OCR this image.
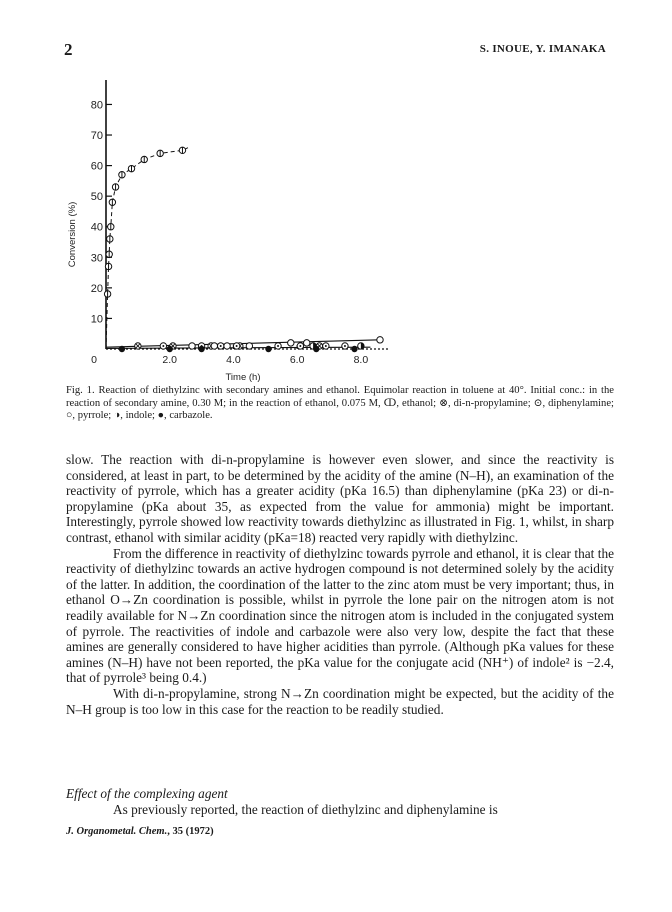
2	S. INOUE, Y. IMANAKA
10
20
30
40
50
60
70
80
0	2.0	4.0	6.0	8.0
Time (h)
Conversion (%)
Fig. 1. Reaction of diethylzinc with secondary amines and ethanol. Equimolar reaction in toluene at 40°. Initial conc.: in the reaction of secondary amine, 0.30 M; in the reaction of ethanol, 0.075 M, ↀ, ethanol; ⊗, di-n-propylamine; ⊙, diphenylamine; ○, pyrrole; ◑, indole; ●, carbazole.

slow. The reaction with di-n-propylamine is however even slower, and since the reactivity is considered, at least in part, to be determined by the acidity of the amine (N–H), an examination of the reactivity of pyrrole, which has a greater acidity (pKa 16.5) than diphenylamine (pKa 23) or di-n-propylamine (pKa about 35, as expected from the value for ammonia) might be important. Interestingly, pyrrole showed low reactivity towards diethylzinc as illustrated in Fig. 1, whilst, in sharp contrast, ethanol with similar acidity (pKa=18) reacted very rapidly with diethylzinc.

From the difference in reactivity of diethylzinc towards pyrrole and ethanol, it is clear that the reactivity of diethylzinc towards an active hydrogen compound is not determined solely by the acidity of the latter. In addition, the coordination of the latter to the zinc atom must be very important; thus, in ethanol O→Zn coordination is possible, whilst in pyrrole the lone pair on the nitrogen atom is not readily available for N→Zn coordination since the nitrogen atom is included in the conjugated system of pyrrole. The reactivities of indole and carbazole were also very low, despite the fact that these amines are generally considered to have higher acidities than pyrrole. (Although pKa values for these amines (N–H) have not been reported, the pKa value for the conjugate acid (NH⁺) of indole² is −2.4, that of pyrrole³ being 0.4.)

With di-n-propylamine, strong N→Zn coordination might be expected, but the acidity of the N–H group is too low in this case for the reaction to be readily studied.

Effect of the complexing agent

As previously reported, the reaction of diethylzinc and diphenylamine is

J. Organometal. Chem., 35 (1972)
